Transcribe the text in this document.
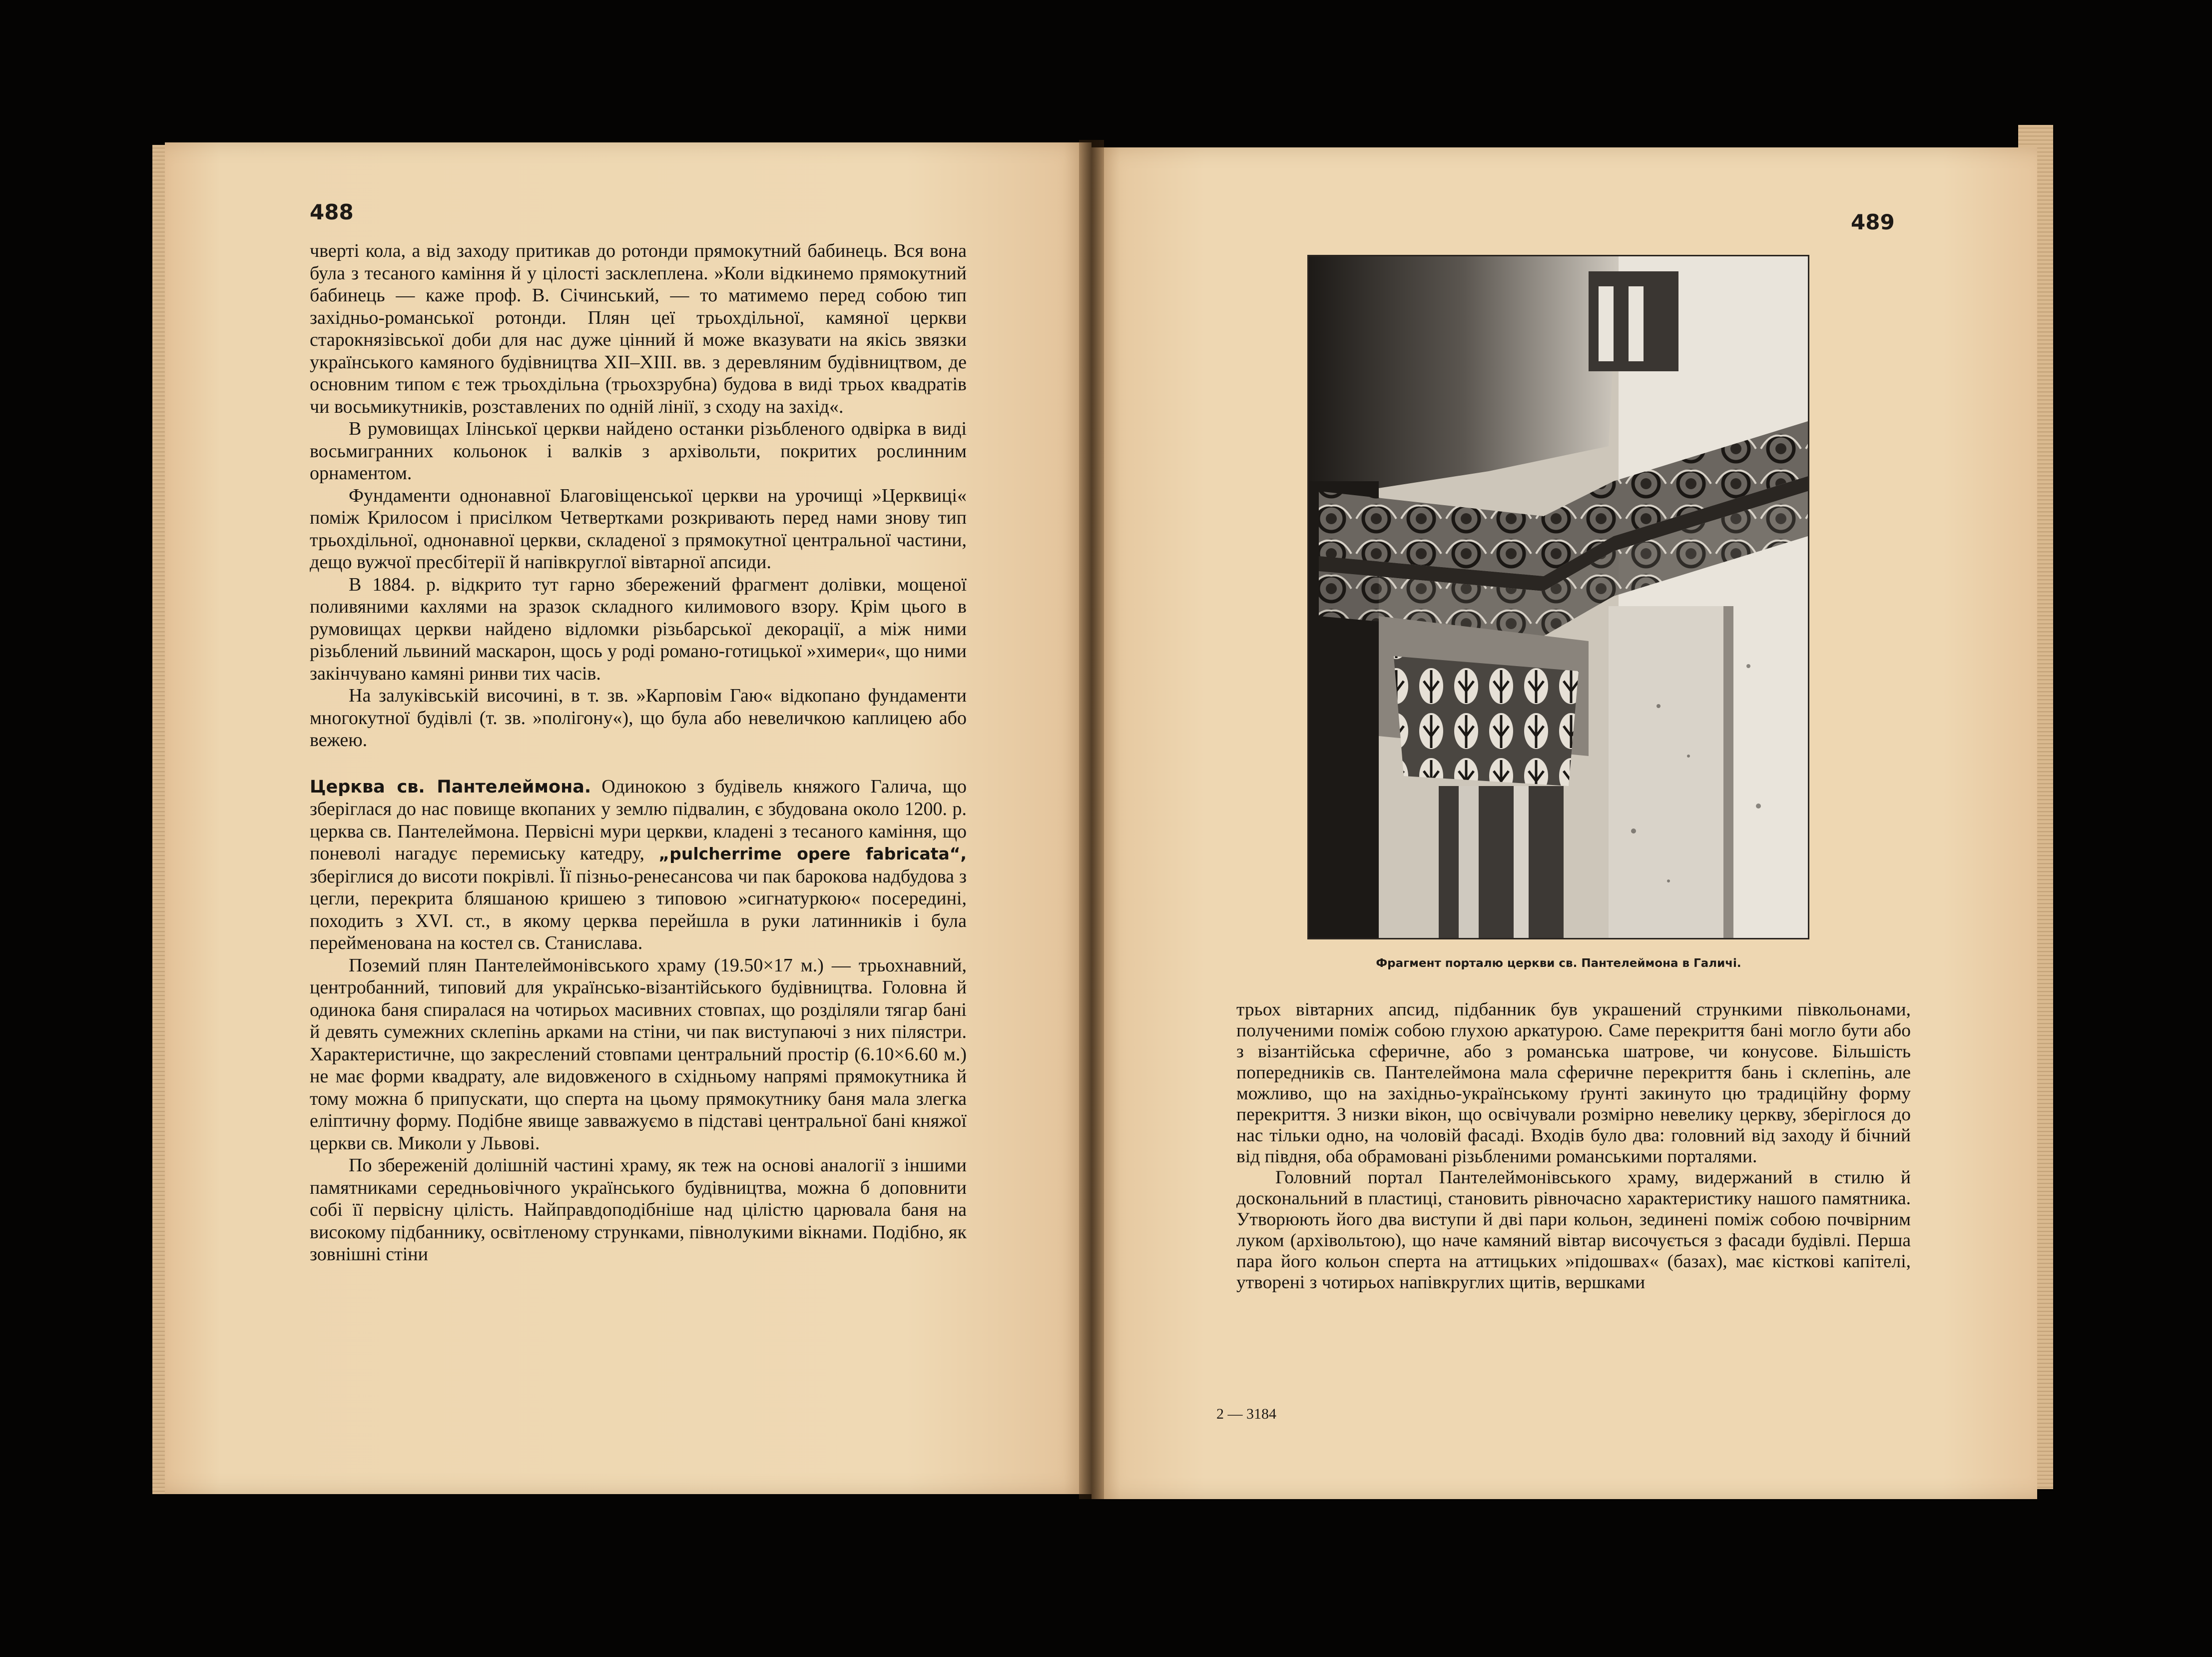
488

чверті кола, а від заходу притикав до ротонди прямокутний бабинець. Вся вона була з тесаного каміння й у цілості засклеплена. »Коли відкинемо прямокутний бабинець — каже проф. В. Січинський, — то матимемо перед собою тип західньо-романської ротонди. Плян цеї трьохдільної, камяної церкви старокнязівської доби для нас дуже цінний й може вказувати на якісь звязки українського камяного будівництва XII–XIII. вв. з деревляним будівництвом, де основним типом є теж трьохдільна (трьохзрубна) будова в виді трьох квадратів чи восьмикутників, розставлених по одній лінії, з сходу на захід«.

В румовищах Ілінської церкви найдено останки різьбленого одвірка в виді восьмигранних кольонок і валків з архівольти, покритих рослинним орнаментом.

Фундаменти однонавної Благовіщенської церкви на урочищі »Церквиці« поміж Крилосом і присілком Четвертками розкривають перед нами знову тип трьохдільної, однонавної церкви, складеної з прямокутної центральної частини, дещо вужчої пресбітерії й напівкруглої вівтарної апсиди.

В 1884. р. відкрито тут гарно збережений фрагмент долівки, мощеної поливяними кахлями на зразок складного килимового взору. Крім цього в румовищах церкви найдено відломки різьбарської декорації, а між ними різьблений львиний маскарон, щось у роді романо-готицької »химери«, що ними закінчувано камяні ринви тих часів.

На залуківській височині, в т. зв. »Карповім Гаю« відкопано фундаменти многокутної будівлі (т. зв. »полігону«), що була або невеличкою каплицею або вежею.

Церква св. Пантелеймона. Одинокою з будівель княжого Галича, що зберіглася до нас повище вкопаних у землю підвалин, є збудована около 1200. р. церква св. Пантелеймона. Первісні мури церкви, кладені з тесаного каміння, що поневолі нагадує перемиську катедру, „pulcherrime opere fabricata“, зберіглися до висоти покрівлі. Її пізньо-ренесансова чи пак барокова надбудова з цегли, перекрита бляшаною кришею з типовою »сигнатуркою« посередині, походить з XVI. ст., в якому церква перейшла в руки латинників і була перейменована на костел св. Станислава.

Поземий плян Пантелеймонівського храму (19.50×17 м.) — трьохнавний, центробанний, типовий для українсько-візантійського будівництва. Головна й одинока баня спиралася на чотирьох масивних стовпах, що розділяли тягар бані й девять сумежних склепінь арками на стіни, чи пак виступаючі з них пілястри. Характеристичне, що закреслений стовпами центральний простір (6.10×6.60 м.) не має форми квадрату, але видовженого в східньому напрямі прямокутника й тому можна б припускати, що сперта на цьому прямокутнику баня мала злегка еліптичну форму. Подібне явище завважуємо в підставі центральної бані княжої церкви св. Миколи у Львові.

По збереженій долішній частині храму, як теж на основі аналогії з іншими памятниками середньовічного українського будівництва, можна б доповнити собі її первісну цілість. Найправдоподібніше над цілістю царювала баня на високому підбаннику, освітленому струнками, півнолукими вікнами. Подібно, як зовнішні стіни

489
Фрагмент порталю церкви св. Пантелеймона в Галичі.

трьох вівтарних апсид, підбанник був украшений стрункими півкольонами, полученими поміж собою глухою аркатурою. Саме перекриття бані могло бути або з візантійська сферичне, або з романська шатрове, чи конусове. Більшість попередників св. Пантелеймона мала сферичне перекриття бань і склепінь, але можливо, що на західньо-українському ґрунті закинуто цю традиційну форму перекриття. З низки вікон, що освічували розмірно невелику церкву, зберіглося до нас тільки одно, на чоловій фасаді. Входів було два: головний від заходу й бічний від півдня, оба обрамовані різьбленими романськими порталями.

Головний портал Пантелеймонівського храму, видержаний в стилю й доскональний в пластиці, становить рівночасно характеристику нашого памятника. Утворюють його два виступи й дві пари кольон, зединені поміж собою почвірним луком (архівольтою), що наче камяний вівтар височується з фасади будівлі. Перша пара його кольон сперта на аттицьких »підошвах« (базах), має кісткові капітелі, утворені з чотирьох напівкруглих щитів, вершками

2 — 3184
